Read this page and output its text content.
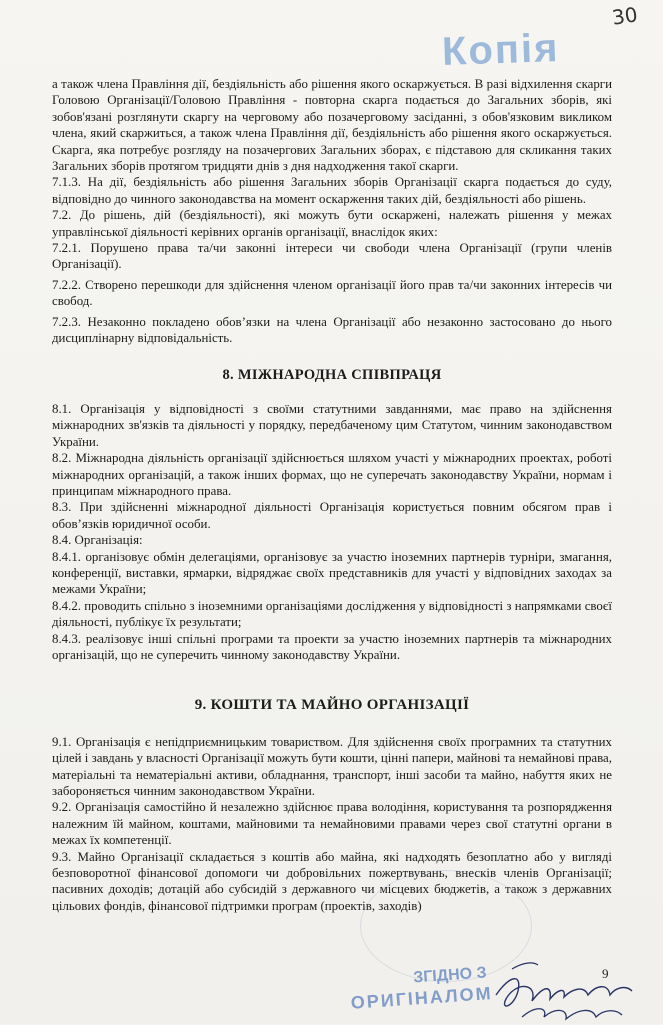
Копія
30

а також члена Правління дії, бездіяльність або рішення якого оскаржується. В разі відхилення скарги Головою Організації/Головою Правління - повторна скарга подається до Загальних зборів, які зобов'язані розглянути скаргу на черговому або позачерговому засіданні, з обов'язковим викликом члена, який скаржиться, а також члена Правління дії, бездіяльність або рішення якого оскаржується. Скарга, яка потребує розгляду на позачергових Загальних зборах, є підставою для скликання таких Загальних зборів протягом тридцяти днів з дня надходження такої скарги.

7.1.3. На дії, бездіяльність або рішення Загальних зборів Організації скарга подається до суду, відповідно до чинного законодавства на момент оскарження таких дій, бездіяльності або рішень.

7.2. До рішень, дій (бездіяльності), які можуть бути оскаржені, належать рішення у межах управлінської діяльності керівних органів організації, внаслідок яких:

7.2.1. Порушено права та/чи законні інтереси чи свободи члена Організації (групи членів Організації).

7.2.2. Створено перешкоди для здійснення членом організації його прав та/чи законних інтересів чи свобод.

7.2.3. Незаконно покладено обов’язки на члена Організації або незаконно застосовано до нього дисциплінарну відповідальність.

8. МІЖНАРОДНА СПІВПРАЦЯ

8.1. Організація у відповідності з своїми статутними завданнями, має право на здійснення міжнародних зв'язків та діяльності у порядку, передбаченому цим Статутом, чинним законодавством України.

8.2. Міжнародна діяльність організації здійснюється шляхом участі у міжнародних проектах, роботі міжнародних організацій, а також інших формах, що не суперечать законодавству України, нормам і принципам міжнародного права.

8.3. При здійсненні міжнародної діяльності Організація користується повним обсягом прав і обов’язків юридичної особи.

8.4. Організація:

8.4.1. організовує обмін делегаціями, організовує за участю іноземних партнерів турніри, змагання, конференції, виставки, ярмарки, відряджає своїх представників для участі у відповідних заходах за межами України;

8.4.2. проводить спільно з іноземними організаціями дослідження у відповідності з напрямками своєї діяльності, публікує їх результати;

8.4.3. реалізовує інші спільні програми та проекти за участю іноземних партнерів та міжнародних організацій, що не суперечить чинному законодавству України.

9. КОШТИ ТА МАЙНО ОРГАНІЗАЦІЇ

9.1. Організація є непідприємницьким товариством. Для здійснення своїх програмних та статутних цілей і завдань у власності Організації можуть бути кошти, цінні папери, майнові та немайнові права, матеріальні та нематеріальні активи, обладнання, транспорт, інші засоби та майно, набуття яких не забороняється чинним законодавством України.

9.2. Організація самостійно й незалежно здійснює права володіння, користування та розпорядження належним їй майном, коштами, майновими та немайновими правами через свої статутні органи в межах їх компетенції.

9.3. Майно Організації складається з коштів або майна, які надходять безоплатно або у вигляді безповоротної фінансової допомоги чи добровільних пожертвувань, внесків членів Організації; пасивних доходів; дотацій або субсидій з державного чи місцевих бюджетів, а також з державних цільових фондів, фінансової підтримки програм (проектів, заходів)

ЗГІДНО З
ОРИГІНАЛОМ
9
